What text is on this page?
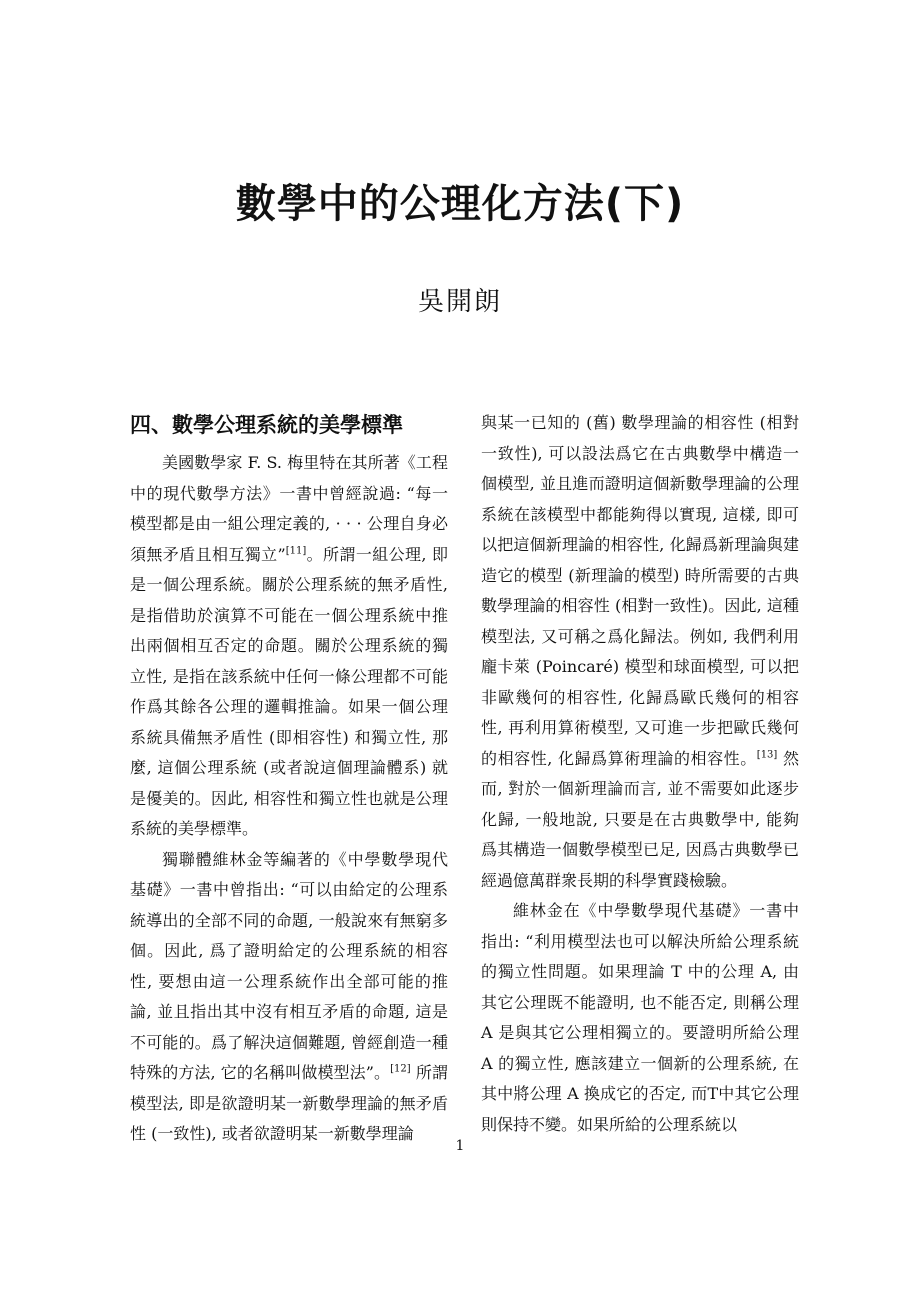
數學中的公理化方法(下)
吳開朗
四、數學公理系統的美學標準

美國數學家 F. S. 梅里特在其所著《工程中的現代數學方法》一書中曾經說過: “每一模型都是由一組公理定義的, · · · 公理自身必須無矛盾且相互獨立”[11]。所謂一組公理, 即是一個公理系統。關於公理系統的無矛盾性, 是指借助於演算不可能在一個公理系統中推出兩個相互否定的命題。關於公理系統的獨立性, 是指在該系統中任何一條公理都不可能作爲其餘各公理的邏輯推論。如果一個公理系統具備無矛盾性 (即相容性) 和獨立性, 那麼, 這個公理系統 (或者說這個理論體系) 就是優美的。因此, 相容性和獨立性也就是公理系統的美學標準。

獨聯體維林金等編著的《中學數學現代基礎》一書中曾指出: “可以由給定的公理系統導出的全部不同的命題, 一般說來有無窮多個。因此, 爲了證明給定的公理系統的相容性, 要想由這一公理系統作出全部可能的推論, 並且指出其中沒有相互矛盾的命題, 這是不可能的。爲了解決這個難題, 曾經創造一種特殊的方法, 它的名稱叫做模型法”。[12] 所謂模型法, 即是欲證明某一新數學理論的無矛盾性 (一致性), 或者欲證明某一新數學理論

與某一已知的 (舊) 數學理論的相容性 (相對一致性), 可以設法爲它在古典數學中構造一個模型, 並且進而證明這個新數學理論的公理系統在該模型中都能夠得以實現, 這樣, 即可以把這個新理論的相容性, 化歸爲新理論與建造它的模型 (新理論的模型) 時所需要的古典數學理論的相容性 (相對一致性)。因此, 這種模型法, 又可稱之爲化歸法。例如, 我們利用龐卡萊 (Poincaré) 模型和球面模型, 可以把非歐幾何的相容性, 化歸爲歐氏幾何的相容性, 再利用算術模型, 又可進一步把歐氏幾何的相容性, 化歸爲算術理論的相容性。[13] 然而, 對於一個新理論而言, 並不需要如此逐步化歸, 一般地說, 只要是在古典數學中, 能夠爲其構造一個數學模型已足, 因爲古典數學已經過億萬群衆長期的科學實踐檢驗。

維林金在《中學數學現代基礎》一書中指出: “利用模型法也可以解決所給公理系統的獨立性問題。如果理論 T 中的公理 A, 由其它公理既不能證明, 也不能否定, 則稱公理 A 是與其它公理相獨立的。要證明所給公理 A 的獨立性, 應該建立一個新的公理系統, 在其中將公理 A 換成它的否定, 而T中其它公理則保持不變。如果所給的公理系統以

1
